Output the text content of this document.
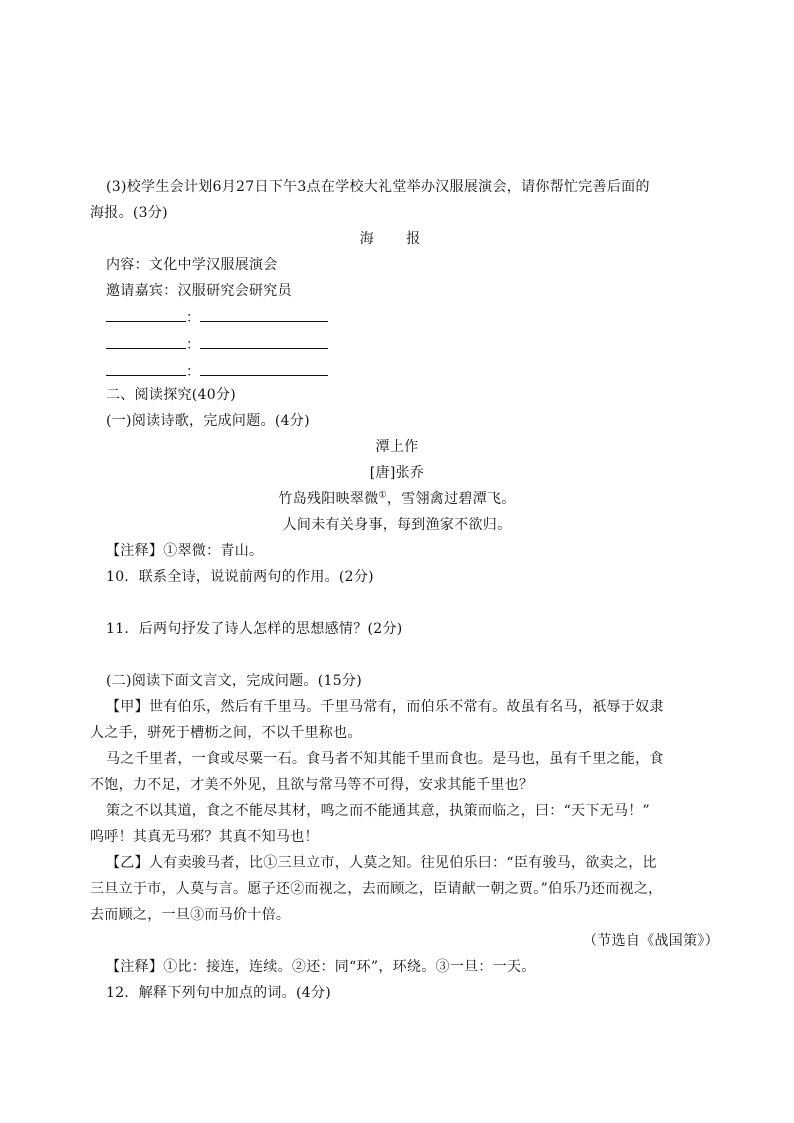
(3)校学生会计划6月27日下午3点在学校大礼堂举办汉服展演会，请你帮忙完善后面的
海报。(3分)
海 报
内容：文化中学汉服展演会
邀请嘉宾：汉服研究会研究员
：
：
：
二、阅读探究(40分)
(一)阅读诗歌，完成问题。(4分)
潭上作
[唐]张乔
竹岛残阳映翠微①，雪翎禽过碧潭飞。
人间未有关身事，每到渔家不欲归。
【注释】①翠微：青山。
10．联系全诗，说说前两句的作用。(2分)
11．后两句抒发了诗人怎样的思想感情？(2分)
(二)阅读下面文言文，完成问题。(15分)
【甲】世有伯乐，然后有千里马。千里马常有，而伯乐不常有。故虽有名马，祇辱于奴隶
人之手，骈死于槽枥之间，不以千里称也。
马之千里者，一食或尽粟一石。食马者不知其能千里而食也。是马也，虽有千里之能，食
不饱，力不足，才美不外见，且欲与常马等不可得，安求其能千里也？
策之不以其道，食之不能尽其材，鸣之而不能通其意，执策而临之，曰：“天下无马！”
呜呼！其真无马邪？其真不知马也！
【乙】人有卖骏马者，比①三旦立市，人莫之知。往见伯乐曰：“臣有骏马，欲卖之，比
三旦立于市，人莫与言。愿子还②而视之，去而顾之，臣请献一朝之贾。”伯乐乃还而视之，
去而顾之，一旦③而马价十倍。
（节选自《战国策》）
【注释】①比：接连，连续。②还：同“环”，环绕。③一旦：一天。
12．解释下列句中加点的词。(4分)
